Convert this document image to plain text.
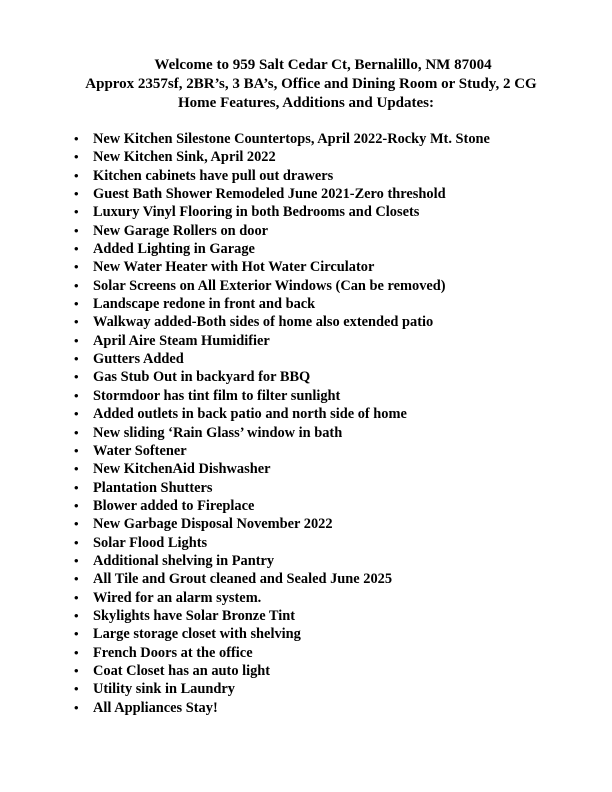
Welcome to 959 Salt Cedar Ct, Bernalillo, NM 87004
Approx 2357sf, 2BR’s, 3 BA’s, Office and Dining Room or Study, 2 CG
Home Features, Additions and Updates:
• New Kitchen Silestone Countertops, April 2022-Rocky Mt. Stone
• New Kitchen Sink, April 2022
• Kitchen cabinets have pull out drawers
• Guest Bath Shower Remodeled June 2021-Zero threshold
• Luxury Vinyl Flooring in both Bedrooms and Closets
• New Garage Rollers on door
• Added Lighting in Garage
• New Water Heater with Hot Water Circulator
• Solar Screens on All Exterior Windows (Can be removed)
• Landscape redone in front and back
• Walkway added-Both sides of home also extended patio
• April Aire Steam Humidifier
• Gutters Added
• Gas Stub Out in backyard for BBQ
• Stormdoor has tint film to filter sunlight
• Added outlets in back patio and north side of home
• New sliding ‘Rain Glass’ window in bath
• Water Softener
• New KitchenAid Dishwasher
• Plantation Shutters
• Blower added to Fireplace
• New Garbage Disposal November 2022
• Solar Flood Lights
• Additional shelving in Pantry
• All Tile and Grout cleaned and Sealed June 2025
• Wired for an alarm system.
• Skylights have Solar Bronze Tint
• Large storage closet with shelving
• French Doors at the office
• Coat Closet has an auto light
• Utility sink in Laundry
• All Appliances Stay!
